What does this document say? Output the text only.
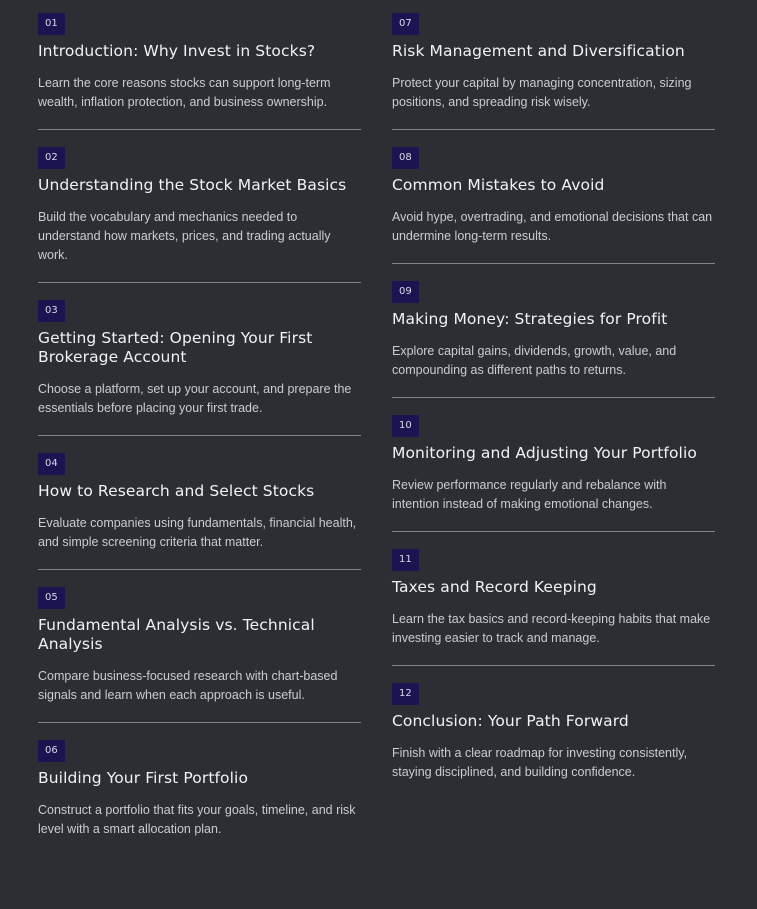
01
Introduction: Why Invest in Stocks?
Learn the core reasons stocks can support long-term wealth, inflation protection, and business ownership.
02
Understanding the Stock Market Basics
Build the vocabulary and mechanics needed to understand how markets, prices, and trading actually work.
03
Getting Started: Opening Your First Brokerage Account
Choose a platform, set up your account, and prepare the essentials before placing your first trade.
04
How to Research and Select Stocks
Evaluate companies using fundamentals, financial health, and simple screening criteria that matter.
05
Fundamental Analysis vs. Technical Analysis
Compare business-focused research with chart-based signals and learn when each approach is useful.
06
Building Your First Portfolio
Construct a portfolio that fits your goals, timeline, and risk level with a smart allocation plan.
07
Risk Management and Diversification
Protect your capital by managing concentration, sizing positions, and spreading risk wisely.
08
Common Mistakes to Avoid
Avoid hype, overtrading, and emotional decisions that can undermine long-term results.
09
Making Money: Strategies for Profit
Explore capital gains, dividends, growth, value, and compounding as different paths to returns.
10
Monitoring and Adjusting Your Portfolio
Review performance regularly and rebalance with intention instead of making emotional changes.
11
Taxes and Record Keeping
Learn the tax basics and record-keeping habits that make investing easier to track and manage.
12
Conclusion: Your Path Forward
Finish with a clear roadmap for investing consistently, staying disciplined, and building confidence.
